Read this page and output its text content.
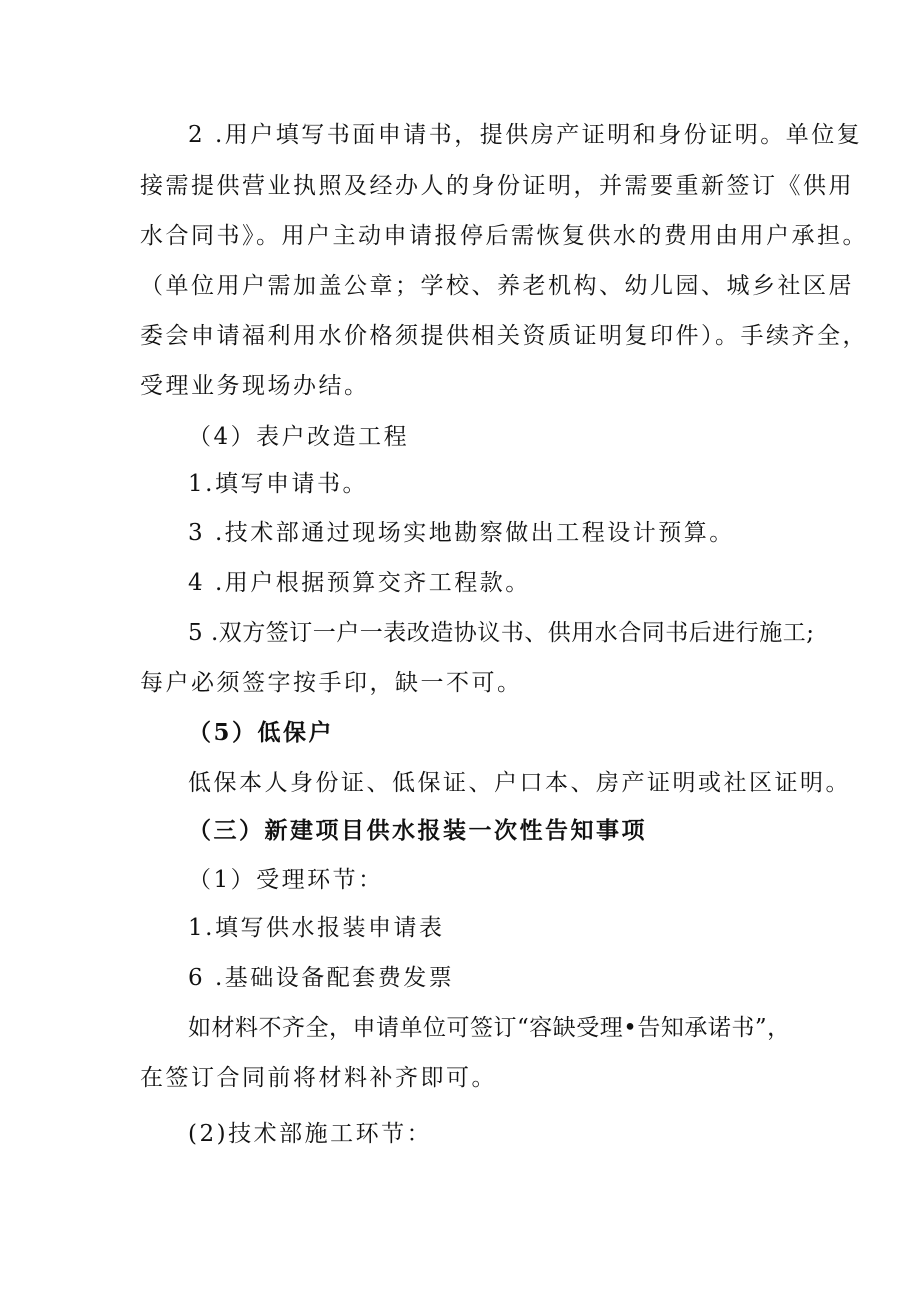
2 .用户填写书面申请书，提供房产证明和身份证明。单位复
接需提供营业执照及经办人的身份证明，并需要重新签订《供用
水合同书》。用户主动申请报停后需恢复供水的费用由用户承担。
（单位用户需加盖公章；学校、养老机构、幼儿园、城乡社区居
委会申请福利用水价格须提供相关资质证明复印件）。手续齐全，
受理业务现场办结。
（4）表户改造工程
1.填写申请书。
3 .技术部通过现场实地勘察做出工程设计预算。
4 .用户根据预算交齐工程款。
5 .双方签订一户一表改造协议书、供用水合同书后进行施工;
每户必须签字按手印，缺一不可。
（5）低保户
低保本人身份证、低保证、户口本、房产证明或社区证明。
（三）新建项目供水报装一次性告知事项
（1）受理环节：
1.填写供水报装申请表
6 .基础设备配套费发票
如材料不齐全，申请单位可签订“容缺受理•告知承诺书”，
在签订合同前将材料补齐即可。
(2)技术部施工环节：
